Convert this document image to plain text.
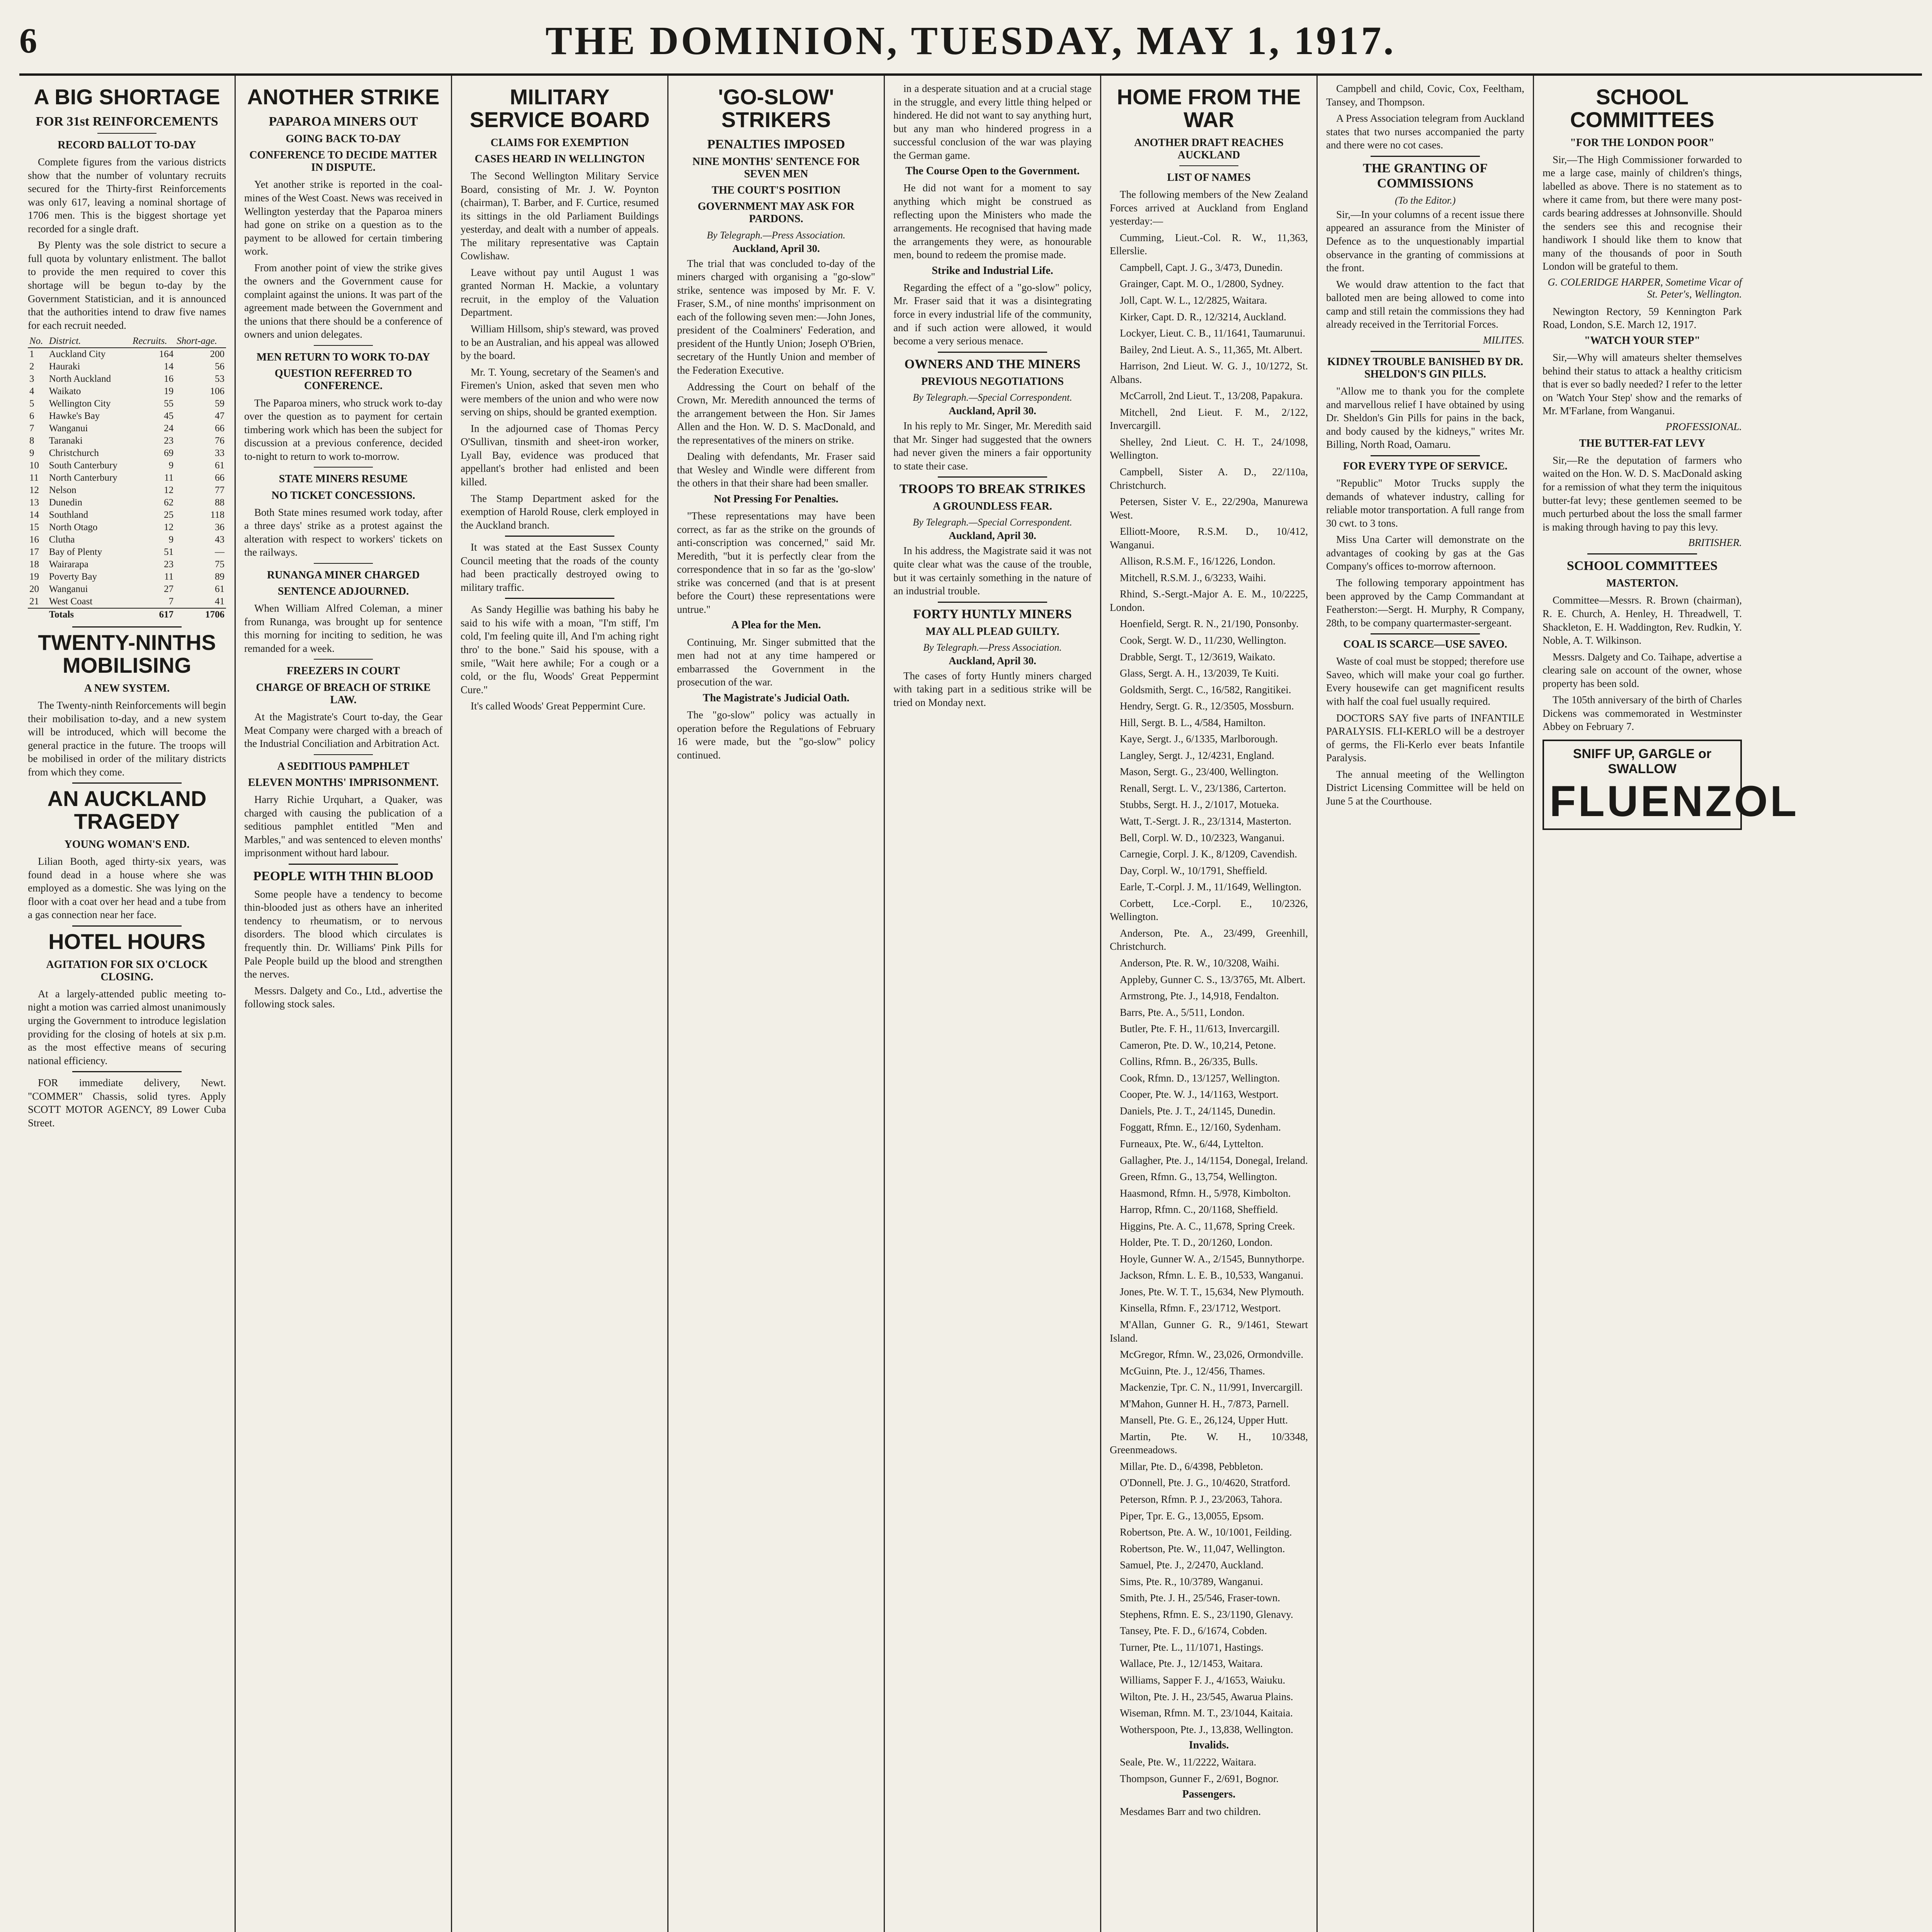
6	THE DOMINION, TUESDAY, MAY 1, 1917.
A BIG SHORTAGE
FOR 31st REINFORCEMENTS
RECORD BALLOT TO-DAY

Complete figures from the various districts show that the number of voluntary recruits secured for the Thirty-first Reinforcements was only 617, leaving a nominal shortage of 1706 men. This is the biggest shortage yet recorded for a single draft.

By Plenty was the sole district to secure a full quota by voluntary enlistment. The ballot to provide the men required to cover this shortage will be begun to-day by the Government Statistician, and it is announced that the authorities intend to draw five names for each recruit needed.

No.	District.	Recruits.	Short-age.
1	Auckland City	164	200
2	Hauraki	14	56
3	North Auckland	16	53
4	Waikato	19	106
5	Wellington City	55	59
6	Hawke's Bay	45	47
7	Wanganui	24	66
8	Taranaki	23	76
9	Christchurch	69	33
10	South Canterbury	9	61
11	North Canterbury	11	66
12	Nelson	12	77
13	Dunedin	62	88
14	Southland	25	118
15	North Otago	12	36
16	Clutha	9	43
17	Bay of Plenty	51	—
18	Wairarapa	23	75
19	Poverty Bay	11	89
20	Wanganui	27	61
21	West Coast	7	41
	Totals	617	1706
TWENTY-NINTHS MOBILISING
A NEW SYSTEM.

The Twenty-ninth Reinforcements will begin their mobilisation to-day, and a new system will be introduced, which will become the general practice in the future. The troops will be mobilised in order of the military districts from which they come.

AN AUCKLAND TRAGEDY
YOUNG WOMAN'S END.

Lilian Booth, aged thirty-six years, was found dead in a house where she was employed as a domestic. She was lying on the floor with a coat over her head and a tube from a gas connection near her face.

HOTEL HOURS
AGITATION FOR SIX O'CLOCK CLOSING.

At a largely-attended public meeting to-night a motion was carried almost unanimously urging the Government to introduce legislation providing for the closing of hotels at six p.m. as the most effective means of securing national efficiency.

FOR immediate delivery, Newt. "COMMER" Chassis, solid tyres. Apply SCOTT MOTOR AGENCY, 89 Lower Cuba Street.

ANOTHER STRIKE
PAPAROA MINERS OUT
GOING BACK TO-DAY
CONFERENCE TO DECIDE MATTER IN DISPUTE.

Yet another strike is reported in the coal-mines of the West Coast. News was received in Wellington yesterday that the Paparoa miners had gone on strike on a question as to the payment to be allowed for certain timbering work.

From another point of view the strike gives the owners and the Government cause for complaint against the unions. It was part of the agreement made between the Government and the unions that there should be a conference of owners and union delegates.

MEN RETURN TO WORK TO-DAY
QUESTION REFERRED TO CONFERENCE.

The Paparoa miners, who struck work to-day over the question as to payment for certain timbering work which has been the subject for discussion at a previous conference, decided to-night to return to work to-morrow.

STATE MINERS RESUME
NO TICKET CONCESSIONS.

Both State mines resumed work today, after a three days' strike as a protest against the alteration with respect to workers' tickets on the railways.

RUNANGA MINER CHARGED
SENTENCE ADJOURNED.

When William Alfred Coleman, a miner from Runanga, was brought up for sentence this morning for inciting to sedition, he was remanded for a week.

FREEZERS IN COURT
CHARGE OF BREACH OF STRIKE LAW.

At the Magistrate's Court to-day, the Gear Meat Company were charged with a breach of the Industrial Conciliation and Arbitration Act.

A SEDITIOUS PAMPHLET
ELEVEN MONTHS' IMPRISONMENT.

Harry Richie Urquhart, a Quaker, was charged with causing the publication of a seditious pamphlet entitled "Men and Marbles," and was sentenced to eleven months' imprisonment without hard labour.

PEOPLE WITH THIN BLOOD

Some people have a tendency to become thin-blooded just as others have an inherited tendency to rheumatism, or to nervous disorders. The blood which circulates is frequently thin. Dr. Williams' Pink Pills for Pale People build up the blood and strengthen the nerves.

Messrs. Dalgety and Co., Ltd., advertise the following stock sales.

MILITARY SERVICE BOARD
CLAIMS FOR EXEMPTION
CASES HEARD IN WELLINGTON

The Second Wellington Military Service Board, consisting of Mr. J. W. Poynton (chairman), T. Barber, and F. Curtice, resumed its sittings in the old Parliament Buildings yesterday, and dealt with a number of appeals. The military representative was Captain Cowlishaw.

Leave without pay until August 1 was granted Norman H. Mackie, a voluntary recruit, in the employ of the Valuation Department.

William Hillsom, ship's steward, was proved to be an Australian, and his appeal was allowed by the board.

Mr. T. Young, secretary of the Seamen's and Firemen's Union, asked that seven men who were members of the union and who were now serving on ships, should be granted exemption.

In the adjourned case of Thomas Percy O'Sullivan, tinsmith and sheet-iron worker, Lyall Bay, evidence was produced that appellant's brother had enlisted and been killed.

The Stamp Department asked for the exemption of Harold Rouse, clerk employed in the Auckland branch.

It was stated at the East Sussex County Council meeting that the roads of the county had been practically destroyed owing to military traffic.

As Sandy Hegillie was bathing his baby he said to his wife with a moan, "I'm stiff, I'm cold, I'm feeling quite ill, And I'm aching right thro' to the bone." Said his spouse, with a smile, "Wait here awhile; For a cough or a cold, or the flu, Woods' Great Peppermint Cure."

It's called Woods' Great Peppermint Cure.

'GO-SLOW' STRIKERS
PENALTIES IMPOSED
NINE MONTHS' SENTENCE FOR SEVEN MEN
THE COURT'S POSITION
GOVERNMENT MAY ASK FOR PARDONS.
By Telegraph.—Press Association.
Auckland, April 30.

The trial that was concluded to-day of the miners charged with organising a "go-slow" strike, sentence was imposed by Mr. F. V. Fraser, S.M., of nine months' imprisonment on each of the following seven men:—John Jones, president of the Coalminers' Federation, and president of the Huntly Union; Joseph O'Brien, secretary of the Huntly Union and member of the Federation Executive.

Addressing the Court on behalf of the Crown, Mr. Meredith announced the terms of the arrangement between the Hon. Sir James Allen and the Hon. W. D. S. MacDonald, and the representatives of the miners on strike.

Dealing with defendants, Mr. Fraser said that Wesley and Windle were different from the others in that their share had been smaller.

Not Pressing For Penalties.

"These representations may have been correct, as far as the strike on the grounds of anti-conscription was concerned," said Mr. Meredith, "but it is perfectly clear from the correspondence that in so far as the 'go-slow' strike was concerned (and that is at present before the Court) these representations were untrue."

A Plea for the Men.

Continuing, Mr. Singer submitted that the men had not at any time hampered or embarrassed the Government in the prosecution of the war.

The Magistrate's Judicial Oath.

The "go-slow" policy was actually in operation before the Regulations of February 16 were made, but the "go-slow" policy continued.

in a desperate situation and at a crucial stage in the struggle, and every little thing helped or hindered. He did not want to say anything hurt, but any man who hindered progress in a successful conclusion of the war was playing the German game.

The Course Open to the Government.

He did not want for a moment to say anything which might be construed as reflecting upon the Ministers who made the arrangements. He recognised that having made the arrangements they were, as honourable men, bound to redeem the promise made.

Strike and Industrial Life.

Regarding the effect of a "go-slow" policy, Mr. Fraser said that it was a disintegrating force in every industrial life of the community, and if such action were allowed, it would become a very serious menace.

OWNERS AND THE MINERS
PREVIOUS NEGOTIATIONS
By Telegraph.—Special Correspondent.
Auckland, April 30.

In his reply to Mr. Singer, Mr. Meredith said that Mr. Singer had suggested that the owners had never given the miners a fair opportunity to state their case.

TROOPS TO BREAK STRIKES
A GROUNDLESS FEAR.
By Telegraph.—Special Correspondent.
Auckland, April 30.

In his address, the Magistrate said it was not quite clear what was the cause of the trouble, but it was certainly something in the nature of an industrial trouble.

FORTY HUNTLY MINERS
MAY ALL PLEAD GUILTY.
By Telegraph.—Press Association.
Auckland, April 30.

The cases of forty Huntly miners charged with taking part in a seditious strike will be tried on Monday next.

HOME FROM THE WAR
ANOTHER DRAFT REACHES AUCKLAND
LIST OF NAMES

The following members of the New Zealand Forces arrived at Auckland from England yesterday:—

Cumming, Lieut.-Col. R. W., 11,363, Ellerslie.

Campbell, Capt. J. G., 3/473, Dunedin.

Grainger, Capt. M. O., 1/2800, Sydney.

Joll, Capt. W. L., 12/2825, Waitara.

Kirker, Capt. D. R., 12/3214, Auckland.

Lockyer, Lieut. C. B., 11/1641, Taumarunui.

Bailey, 2nd Lieut. A. S., 11,365, Mt. Albert.

Harrison, 2nd Lieut. W. G. J., 10/1272, St. Albans.

McCarroll, 2nd Lieut. T., 13/208, Papakura.

Mitchell, 2nd Lieut. F. M., 2/122, Invercargill.

Shelley, 2nd Lieut. C. H. T., 24/1098, Wellington.

Campbell, Sister A. D., 22/110a, Christchurch.

Petersen, Sister V. E., 22/290a, Manurewa West.

Elliott-Moore, R.S.M. D., 10/412, Wanganui.

Allison, R.S.M. F., 16/1226, London.

Mitchell, R.S.M. J., 6/3233, Waihi.

Rhind, S.-Sergt.-Major A. E. M., 10/2225, London.

Hoenfield, Sergt. R. N., 21/190, Ponsonby.

Cook, Sergt. W. D., 11/230, Wellington.

Drabble, Sergt. T., 12/3619, Waikato.

Glass, Sergt. A. H., 13/2039, Te Kuiti.

Goldsmith, Sergt. C., 16/582, Rangitikei.

Hendry, Sergt. G. R., 12/3505, Mossburn.

Hill, Sergt. B. L., 4/584, Hamilton.

Kaye, Sergt. J., 6/1335, Marlborough.

Langley, Sergt. J., 12/4231, England.

Mason, Sergt. G., 23/400, Wellington.

Renall, Sergt. L. V., 23/1386, Carterton.

Stubbs, Sergt. H. J., 2/1017, Motueka.

Watt, T.-Sergt. J. R., 23/1314, Masterton.

Bell, Corpl. W. D., 10/2323, Wanganui.

Carnegie, Corpl. J. K., 8/1209, Cavendish.

Day, Corpl. W., 10/1791, Sheffield.

Earle, T.-Corpl. J. M., 11/1649, Wellington.

Corbett, Lce.-Corpl. E., 10/2326, Wellington.

Anderson, Pte. A., 23/499, Greenhill, Christchurch.

Anderson, Pte. R. W., 10/3208, Waihi.

Appleby, Gunner C. S., 13/3765, Mt. Albert.

Armstrong, Pte. J., 14,918, Fendalton.

Barrs, Pte. A., 5/511, London.

Butler, Pte. F. H., 11/613, Invercargill.

Cameron, Pte. D. W., 10,214, Petone.

Collins, Rfmn. B., 26/335, Bulls.

Cook, Rfmn. D., 13/1257, Wellington.

Cooper, Pte. W. J., 14/1163, Westport.

Daniels, Pte. J. T., 24/1145, Dunedin.

Foggatt, Rfmn. E., 12/160, Sydenham.

Furneaux, Pte. W., 6/44, Lyttelton.

Gallagher, Pte. J., 14/1154, Donegal, Ireland.

Green, Rfmn. G., 13,754, Wellington.

Haasmond, Rfmn. H., 5/978, Kimbolton.

Harrop, Rfmn. C., 20/1168, Sheffield.

Higgins, Pte. A. C., 11,678, Spring Creek.

Holder, Pte. T. D., 20/1260, London.

Hoyle, Gunner W. A., 2/1545, Bunnythorpe.

Jackson, Rfmn. L. E. B., 10,533, Wanganui.

Jones, Pte. W. T. T., 15,634, New Plymouth.

Kinsella, Rfmn. F., 23/1712, Westport.

M'Allan, Gunner G. R., 9/1461, Stewart Island.

McGregor, Rfmn. W., 23,026, Ormondville.

McGuinn, Pte. J., 12/456, Thames.

Mackenzie, Tpr. C. N., 11/991, Invercargill.

M'Mahon, Gunner H. H., 7/873, Parnell.

Mansell, Pte. G. E., 26,124, Upper Hutt.

Martin, Pte. W. H., 10/3348, Greenmeadows.

Millar, Pte. D., 6/4398, Pebbleton.

O'Donnell, Pte. J. G., 10/4620, Stratford.

Peterson, Rfmn. P. J., 23/2063, Tahora.

Piper, Tpr. E. G., 13,0055, Epsom.

Robertson, Pte. A. W., 10/1001, Feilding.

Robertson, Pte. W., 11,047, Wellington.

Samuel, Pte. J., 2/2470, Auckland.

Sims, Pte. R., 10/3789, Wanganui.

Smith, Pte. J. H., 25/546, Fraser-town.

Stephens, Rfmn. E. S., 23/1190, Glenavy.

Tansey, Pte. F. D., 6/1674, Cobden.

Turner, Pte. L., 11/1071, Hastings.

Wallace, Pte. J., 12/1453, Waitara.

Williams, Sapper F. J., 4/1653, Waiuku.

Wilton, Pte. J. H., 23/545, Awarua Plains.

Wiseman, Rfmn. M. T., 23/1044, Kaitaia.

Wotherspoon, Pte. J., 13,838, Wellington.

Invalids.

Seale, Pte. W., 11/2222, Waitara.

Thompson, Gunner F., 2/691, Bognor.

Passengers.

Mesdames Barr and two children.

Campbell and child, Covic, Cox, Feeltham, Tansey, and Thompson.

A Press Association telegram from Auckland states that two nurses accompanied the party and there were no cot cases.

THE GRANTING OF COMMISSIONS
(To the Editor.)

Sir,—In your columns of a recent issue there appeared an assurance from the Minister of Defence as to the unquestionably impartial observance in the granting of commissions at the front.

We would draw attention to the fact that balloted men are being allowed to come into camp and still retain the commissions they had already received in the Territorial Forces.

MILITES.

KIDNEY TROUBLE BANISHED BY DR. SHELDON'S GIN PILLS.

"Allow me to thank you for the complete and marvellous relief I have obtained by using Dr. Sheldon's Gin Pills for pains in the back, and body caused by the kidneys," writes Mr. Billing, North Road, Oamaru.

FOR EVERY TYPE OF SERVICE.

"Republic" Motor Trucks supply the demands of whatever industry, calling for reliable motor transportation. A full range from 30 cwt. to 3 tons.

Miss Una Carter will demonstrate on the advantages of cooking by gas at the Gas Company's offices to-morrow afternoon.

The following temporary appointment has been approved by the Camp Commandant at Featherston:—Sergt. H. Murphy, R Company, 28th, to be company quartermaster-sergeant.

COAL IS SCARCE—USE SAVEO.

Waste of coal must be stopped; therefore use Saveo, which will make your coal go further. Every housewife can get magnificent results with half the coal fuel usually required.

DOCTORS SAY five parts of INFANTILE PARALYSIS. FLI-KERLO will be a destroyer of germs, the Fli-Kerlo ever beats Infantile Paralysis.

The annual meeting of the Wellington District Licensing Committee will be held on June 5 at the Courthouse.

SCHOOL COMMITTEES
"FOR THE LONDON POOR"

Sir,—The High Commissioner forwarded to me a large case, mainly of children's things, labelled as above. There is no statement as to where it came from, but there were many post-cards bearing addresses at Johnsonville. Should the senders see this and recognise their handiwork I should like them to know that many of the thousands of poor in South London will be grateful to them.

G. COLERIDGE HARPER, Sometime Vicar of St. Peter's, Wellington.

Newington Rectory, 59 Kennington Park Road, London, S.E. March 12, 1917.

"WATCH YOUR STEP"

Sir,—Why will amateurs shelter themselves behind their status to attack a healthy criticism that is ever so badly needed? I refer to the letter on 'Watch Your Step' show and the remarks of Mr. M'Farlane, from Wanganui.

PROFESSIONAL.

THE BUTTER-FAT LEVY

Sir,—Re the deputation of farmers who waited on the Hon. W. D. S. MacDonald asking for a remission of what they term the iniquitous butter-fat levy; these gentlemen seemed to be much perturbed about the loss the small farmer is making through having to pay this levy.

BRITISHER.

SCHOOL COMMITTEES
MASTERTON.

Committee—Messrs. R. Brown (chairman), R. E. Church, A. Henley, H. Threadwell, T. Shackleton, E. H. Waddington, Rev. Rudkin, Y. Noble, A. T. Wilkinson.

Messrs. Dalgety and Co. Taihape, advertise a clearing sale on account of the owner, whose property has been sold.

The 105th anniversary of the birth of Charles Dickens was commemorated in Westminster Abbey on February 7.

SNIFF UP, GARGLE or SWALLOW
FLUENZOL
